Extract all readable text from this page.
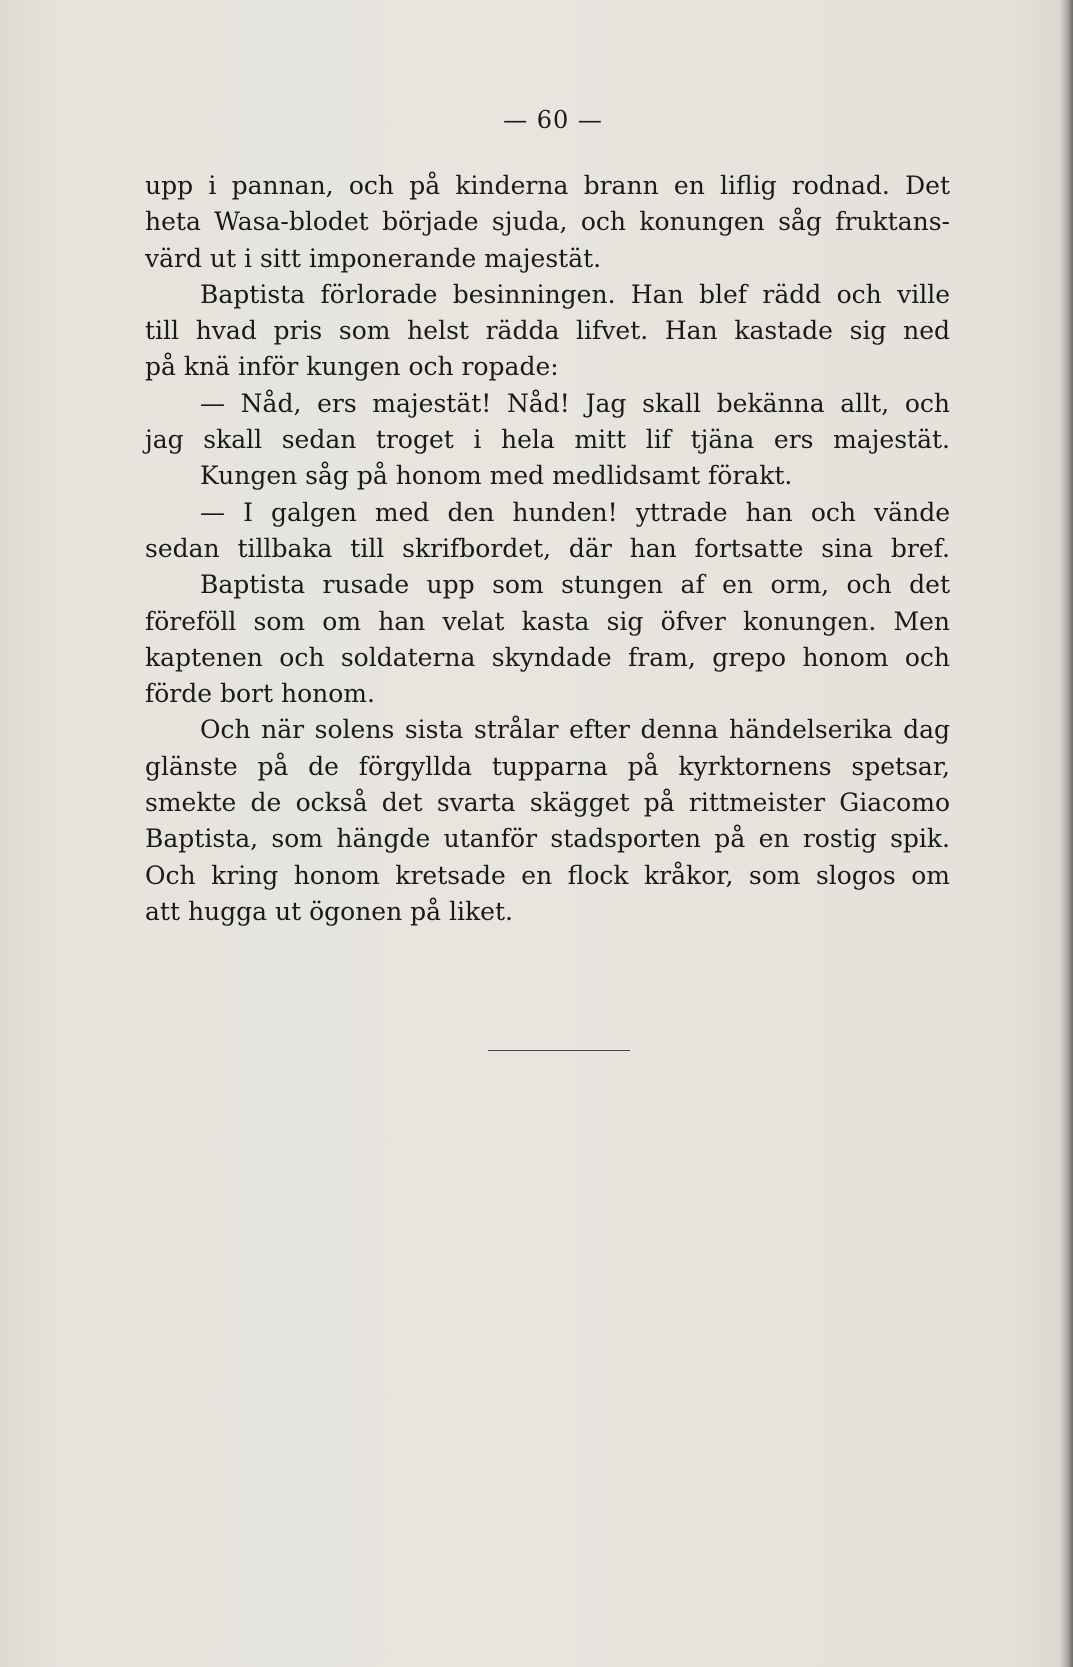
— 60 —
upp i pannan, och på kinderna brann en liflig rodnad. Det
heta Wasa-blodet började sjuda, och konungen såg fruktans-
värd ut i sitt imponerande majestät.
Baptista förlorade besinningen. Han blef rädd och ville
till hvad pris som helst rädda lifvet. Han kastade sig ned
på knä inför kungen och ropade:
— Nåd, ers majestät! Nåd! Jag skall bekänna allt, och
jag skall sedan troget i hela mitt lif tjäna ers majestät.
Kungen såg på honom med medlidsamt förakt.
— I galgen med den hunden! yttrade han och vände
sedan tillbaka till skrifbordet, där han fortsatte sina bref.
Baptista rusade upp som stungen af en orm, och det
föreföll som om han velat kasta sig öfver konungen. Men
kaptenen och soldaterna skyndade fram, grepo honom och
förde bort honom.
Och när solens sista strålar efter denna händelserika dag
glänste på de förgyllda tupparna på kyrktornens spetsar,
smekte de också det svarta skägget på rittmeister Giacomo
Baptista, som hängde utanför stadsporten på en rostig spik.
Och kring honom kretsade en flock kråkor, som slogos om
att hugga ut ögonen på liket.
